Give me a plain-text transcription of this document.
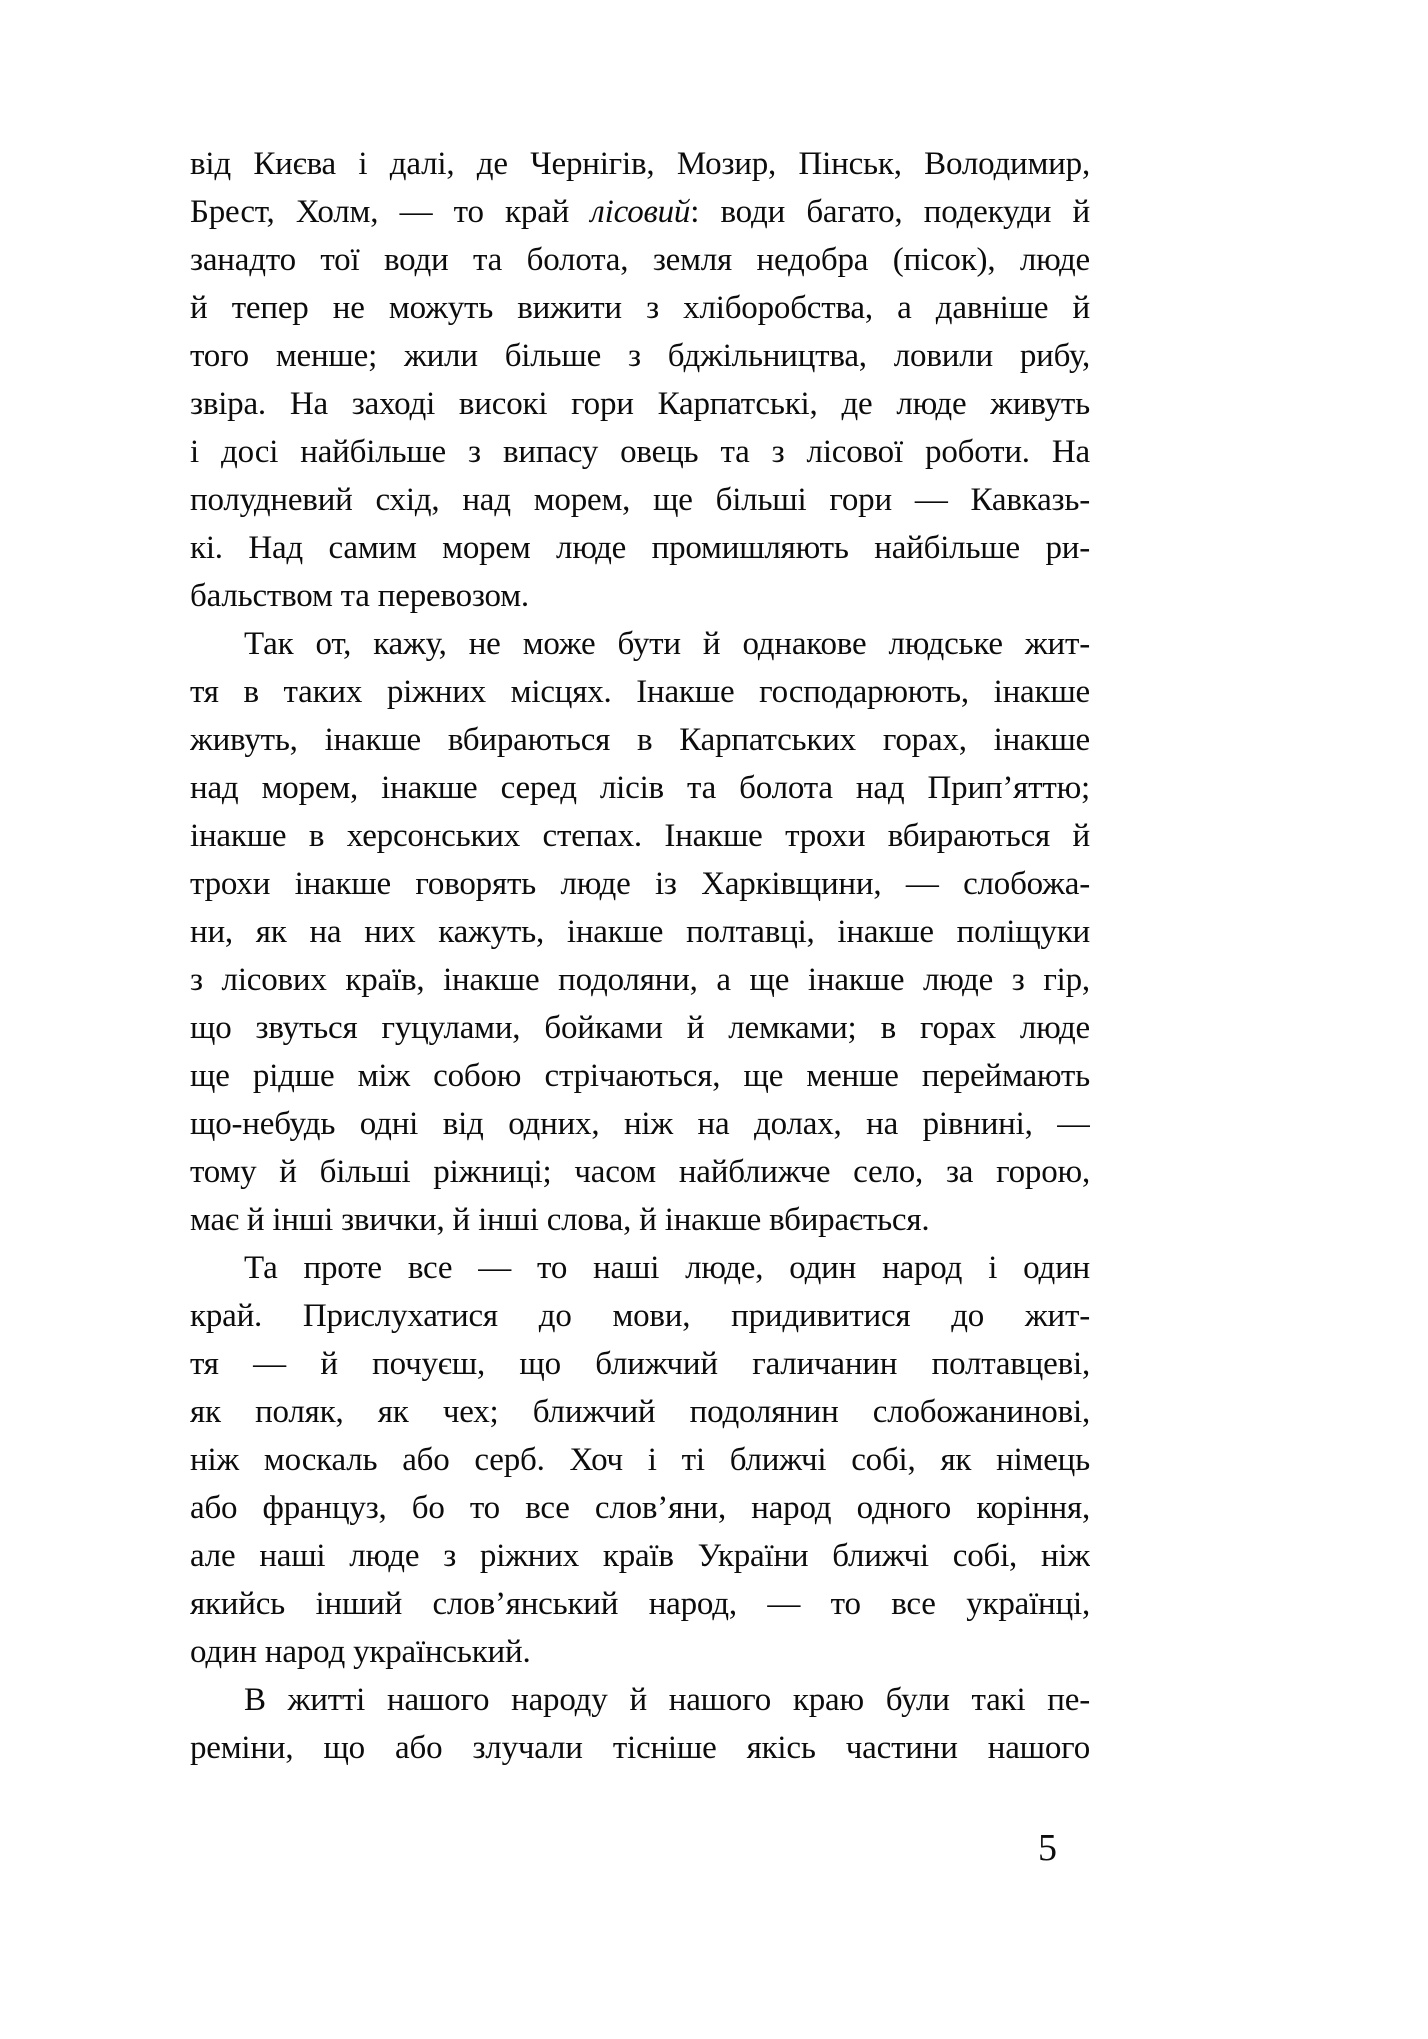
від Києва і далі, де Чернігів, Мозир, Пінськ, Володимир,
Брест, Холм, — то край лісовий: води багато, подекуди й
занадто тої води та болота, земля недобра (пісок), люде
й тепер не можуть вижити з хліборобства, а давніше й
того менше; жили більше з бджільництва, ловили рибу,
звіра. На заході високі гори Карпатські, де люде живуть
і досі найбільше з випасу овець та з лісової роботи. На
полудневий схід, над морем, ще більші гори — Кавказь-
кі. Над самим морем люде промишляють найбільше ри-
бальством та перевозом.
Так от, кажу, не може бути й однакове людське жит-
тя в таких ріжних місцях. Інакше господарюють, інакше
живуть, інакше вбираються в Карпатських горах, інакше
над морем, інакше серед лісів та болота над Прип’яттю;
інакше в херсонських степах. Інакше трохи вбираються й
трохи інакше говорять люде із Харківщини, — слобожа-
ни, як на них кажуть, інакше полтавці, інакше поліщуки
з лісових країв, інакше подоляни, а ще інакше люде з гір,
що звуться гуцулами, бойками й лемками; в горах люде
ще рідше між собою стрічаються, ще менше переймають
що-небудь одні від одних, ніж на долах, на рівнині, —
тому й більші ріжниці; часом найближче село, за горою,
має й інші звички, й інші слова, й інакше вбирається.
Та проте все — то наші люде, один народ і один
край. Прислухатися до мови, придивитися до жит-
тя — й почуєш, що ближчий галичанин полтавцеві,
як поляк, як чех; ближчий подолянин слобожанинові,
ніж москаль або серб. Хоч і ті ближчі собі, як німець
або француз, бо то все слов’яни, народ одного коріння,
але наші люде з ріжних країв України ближчі собі, ніж
якийсь інший слов’янський народ, — то все українці,
один народ український.
В житті нашого народу й нашого краю були такі пе-
реміни, що або злучали тісніше якісь частини нашого
5
